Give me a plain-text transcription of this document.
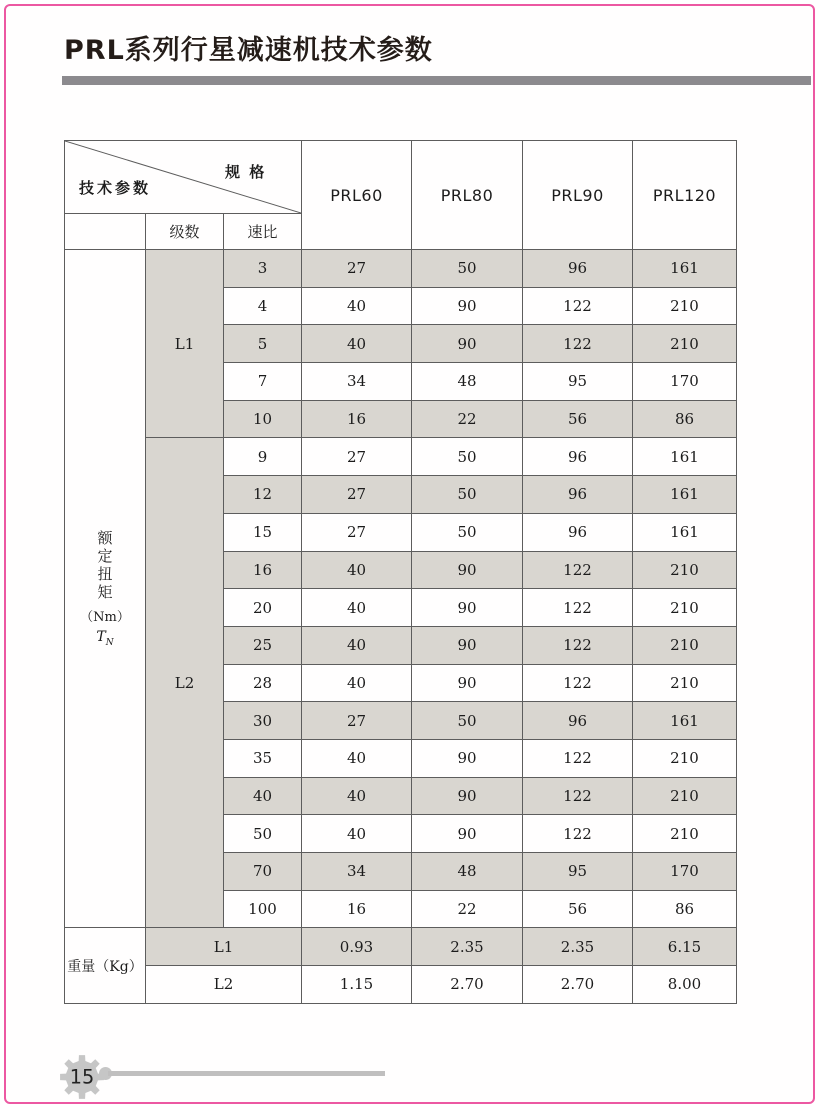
PRL系列行星减速机技术参数
规 格
技术参数			PRL60	PRL80	PRL90	PRL120
	级数	速比				

额定扭矩
（Nm）
$T_N$	L1	3	27	50	96	161
		4	40	90	122	210
		5	40	90	122	210
		7	34	48	95	170
		10	16	22	56	86
	L2	9	27	50	96	161
		12	27	50	96	161
		15	27	50	96	161
		16	40	90	122	210
		20	40	90	122	210
		25	40	90	122	210
		28	40	90	122	210
		30	27	50	96	161
		35	40	90	122	210
		40	40	90	122	210
		50	40	90	122	210
		70	34	48	95	170
		100	16	22	56	86
重量（Kg）	L1		0.93	2.35	2.35	6.15
	L2		1.15	2.70	2.70	8.00
15
